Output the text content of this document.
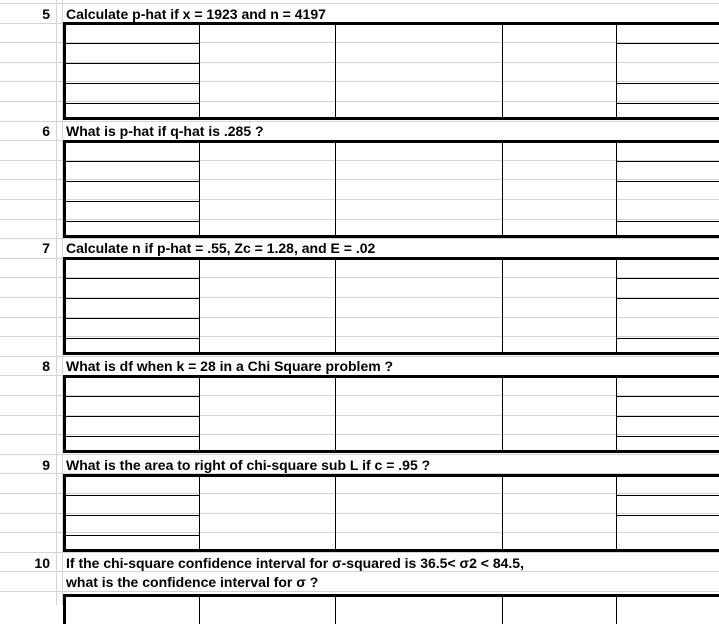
5 Calculate p-hat if x = 1923 and n = 4197
6 What is p-hat if q-hat is .285 ?
7 Calculate n if p-hat = .55, Zc = 1.28, and E = .02
8 What is df when k = 28 in a Chi Square problem ?
9 What is the area to right of chi-square sub L if c = .95 ?
10 If the chi-square confidence interval for σ-squared is 36.5< σ2 < 84.5,
what is the confidence interval for σ ?
